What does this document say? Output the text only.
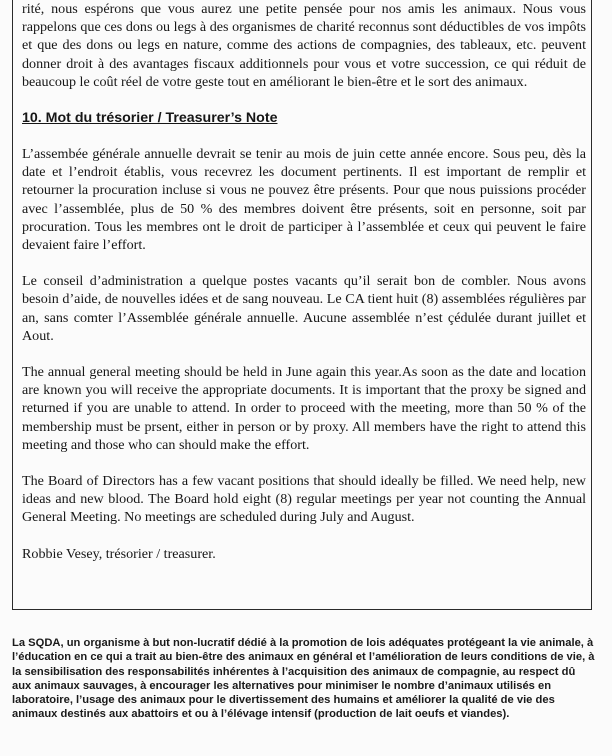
rité, nous espérons que vous aurez une petite pensée pour nos amis les animaux. Nous vous rappelons que ces dons ou legs à des organismes de charité reconnus sont déductibles de vos impôts et que des dons ou legs en nature, comme des actions de compagnies, des tableaux, etc. peuvent donner droit à des avantages fiscaux additionnels pour vous et votre succession, ce qui réduit de beaucoup le coût réel de votre geste tout en améliorant le bien-être et le sort des animaux.

10. Mot du trésorier / Treasurer’s Note

L’assembée générale annuelle devrait se tenir au mois de juin cette année encore. Sous peu, dès la date et l’endroit établis, vous recevrez les document pertinents. Il est important de remplir et retourner la procuration incluse si vous ne pouvez être présents. Pour que nous puissions procéder avec l’assemblée, plus de 50 % des membres doivent être présents, soit en personne, soit par procuration. Tous les membres ont le droit de participer à l’assemblée et ceux qui peuvent le faire devaient faire l’effort.

Le conseil d’administration a quelque postes vacants qu’il serait bon de combler. Nous avons besoin d’aide, de nouvelles idées et de sang nouveau. Le CA tient huit (8) assemblées régulières par an, sans comter l’Assemblée générale annuelle. Aucune assemblée n’est çédulée durant juillet et Aout.

The annual general meeting should be held in June again this year.As soon as the date and location are known you will receive the appropriate documents. It is important that the proxy be signed and returned if you are unable to attend. In order to proceed with the meeting, more than 50 % of the membership must be prsent, either in person or by proxy. All members have the right to attend this meeting and those who can should make the effort.

The Board of Directors has a few vacant positions that should ideally be filled. We need help, new ideas and new blood. The Board hold eight (8) regular meetings per year not counting the Annual General Meeting. No meetings are scheduled during July and August.

Robbie Vesey, trésorier / treasurer.

La SQDA, un organisme à but non-lucratif dédié à la promotion de lois adéquates protégeant la vie animale, à l’éducation en ce qui a trait au bien-être des animaux en général et l’amélioration de leurs conditions de vie, à la sensibilisation des responsabilités inhérentes à l’acquisition des animaux de compagnie, au respect dû aux animaux sauvages, à encourager les alternatives pour minimiser le nombre d’animaux utilisés en laboratoire, l’usage des animaux pour le divertissement des humains et améliorer la qualité de vie des animaux destinés aux abattoirs et ou à l’élévage intensif (production de lait oeufs et viandes).
